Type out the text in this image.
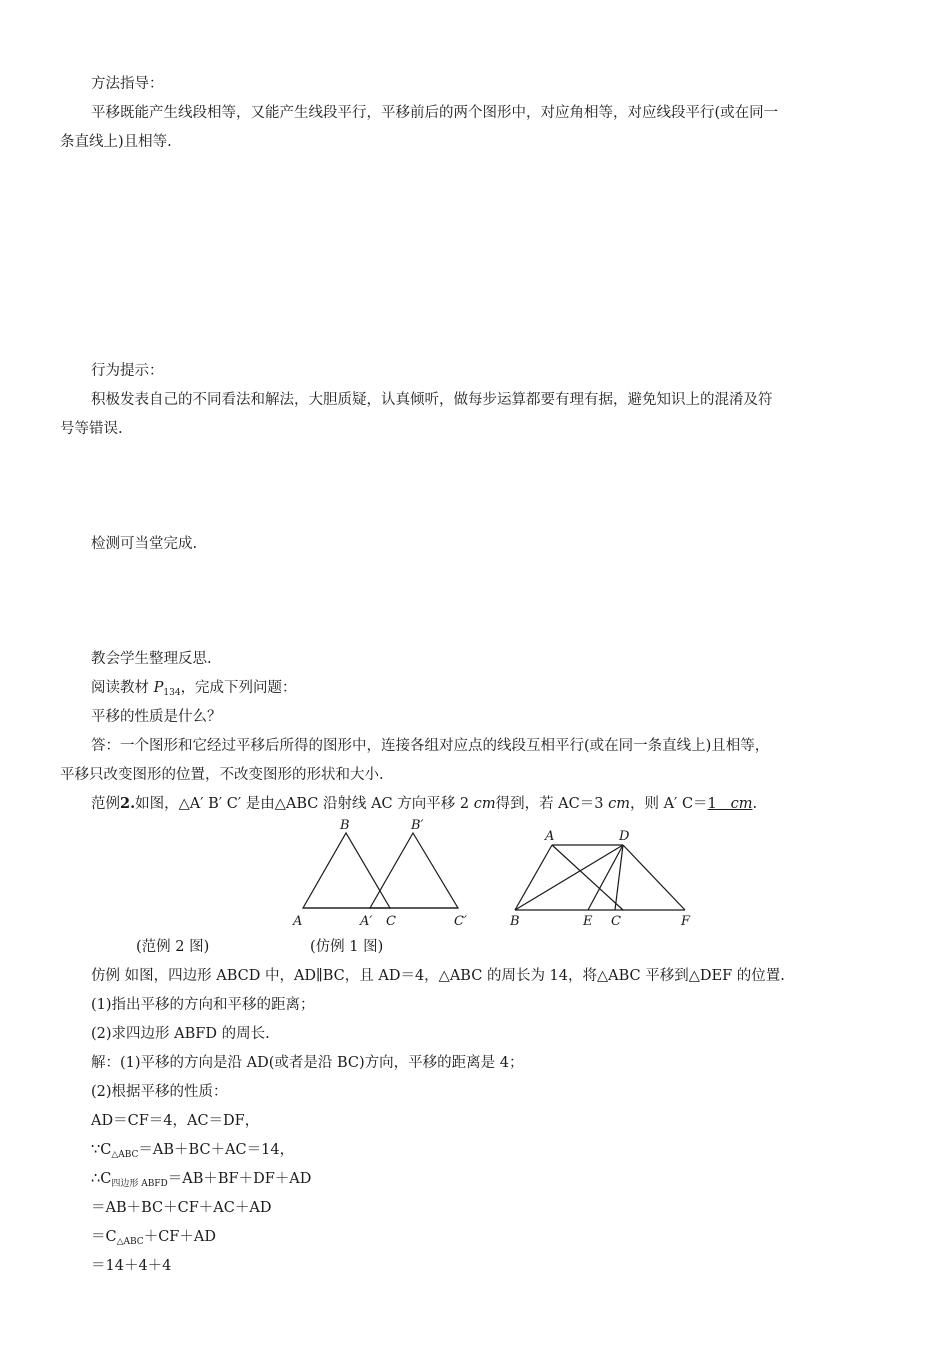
方法指导：
平移既能产生线段相等，又能产生线段平行，平移前后的两个图形中，对应角相等，对应线段平行(或在同一
条直线上)且相等.
行为提示：
积极发表自己的不同看法和解法，大胆质疑，认真倾听，做每步运算都要有理有据，避免知识上的混淆及符
号等错误.
检测可当堂完成.
教会学生整理反思.
阅读教材 $P_{134}$，完成下列问题：
平移的性质是什么？
答：一个图形和它经过平移后所得的图形中，连接各组对应点的线段互相平行(或在同一条直线上)且相等，
平移只改变图形的位置，不改变图形的形状和大小.
范例2.如图，△A′ B′ C′ 是由△ABC 沿射线 AC 方向平移 2 cm得到，若 AC＝3 cm，则 A′ C＝1 cm.
B	B′
A	A′ C	C′
A	D
B	E C	F
(范例 2 图)	(仿例 1 图)
仿例 如图，四边形 ABCD 中，AD∥BC，且 AD＝4，△ABC 的周长为 14，将△ABC 平移到△DEF 的位置.
(1)指出平移的方向和平移的距离；
(2)求四边形 ABFD 的周长.
解：(1)平移的方向是沿 AD(或者是沿 BC)方向，平移的距离是 4；
(2)根据平移的性质：
AD＝CF＝4，AC＝DF，
$\because C_{\triangle ABC}=AB+BC+AC=14$，
$\therefore C_{四边形 ABFD}=AB+BF+DF+AD$
＝AB＋BC＋CF＋AC＋AD
$=C_{\triangle ABC}+CF+AD$
＝14＋4＋4
